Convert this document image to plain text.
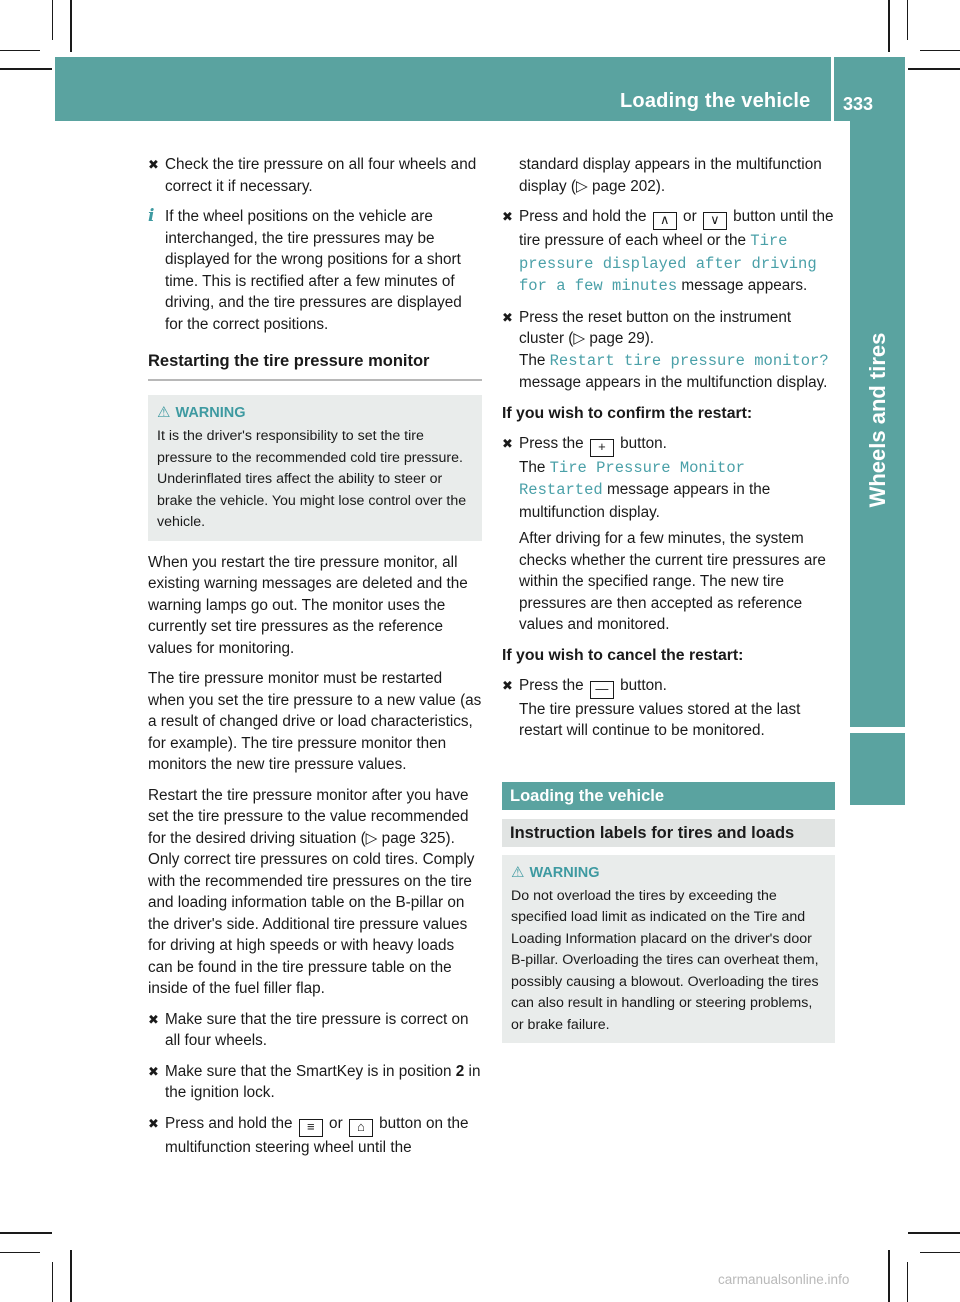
Loading the vehicle 333
Wheels and tires
✖ Check the tire pressure on all four wheels and correct it if necessary.
i If the wheel positions on the vehicle are interchanged, the tire pressures may be displayed for the wrong positions for a short time. This is rectified after a few minutes of driving, and the tire pressures are displayed for the correct positions.
Restarting the tire pressure monitor
⚠ WARNING
It is the driver's responsibility to set the tire pressure to the recommended cold tire pressure. Underinflated tires affect the ability to steer or brake the vehicle. You might lose control over the vehicle.
When you restart the tire pressure monitor, all existing warning messages are deleted and the warning lamps go out. The monitor uses the currently set tire pressures as the reference values for monitoring.
The tire pressure monitor must be restarted when you set the tire pressure to a new value (as a result of changed drive or load characteristics, for example). The tire pressure monitor then monitors the new tire pressure values.
Restart the tire pressure monitor after you have set the tire pressure to the value recommended for the desired driving situation (▷ page 325). Only correct tire pressures on cold tires. Comply with the recommended tire pressures on the tire and loading information table on the B-pillar on the driver's side. Additional tire pressure values for driving at high speeds or with heavy loads can be found in the tire pressure table on the inside of the fuel filler flap.
✖ Make sure that the tire pressure is correct on all four wheels.
✖ Make sure that the SmartKey is in position 2 in the ignition lock.
✖ Press and hold the ≡ or ⌂ button on the multifunction steering wheel until the
standard display appears in the multifunction display (▷ page 202).
✖ Press and hold the ∧ or ∨ button until the tire pressure of each wheel or the Tire pressure displayed after driving for a few minutes message appears.
✖ Press the reset button on the instrument cluster (▷ page 29).
The Restart tire pressure monitor? message appears in the multifunction display.
If you wish to confirm the restart:
✖ Press the + button.
The Tire Pressure Monitor Restarted message appears in the multifunction display.
After driving for a few minutes, the system checks whether the current tire pressures are within the specified range. The new tire pressures are then accepted as reference values and monitored.
If you wish to cancel the restart:
✖ Press the — button.
The tire pressure values stored at the last restart will continue to be monitored.
Loading the vehicle
Instruction labels for tires and loads
⚠ WARNING
Do not overload the tires by exceeding the specified load limit as indicated on the Tire and Loading Information placard on the driver's door B-pillar. Overloading the tires can overheat them, possibly causing a blowout. Overloading the tires can also result in handling or steering problems, or brake failure.
carmanualsonline.info
